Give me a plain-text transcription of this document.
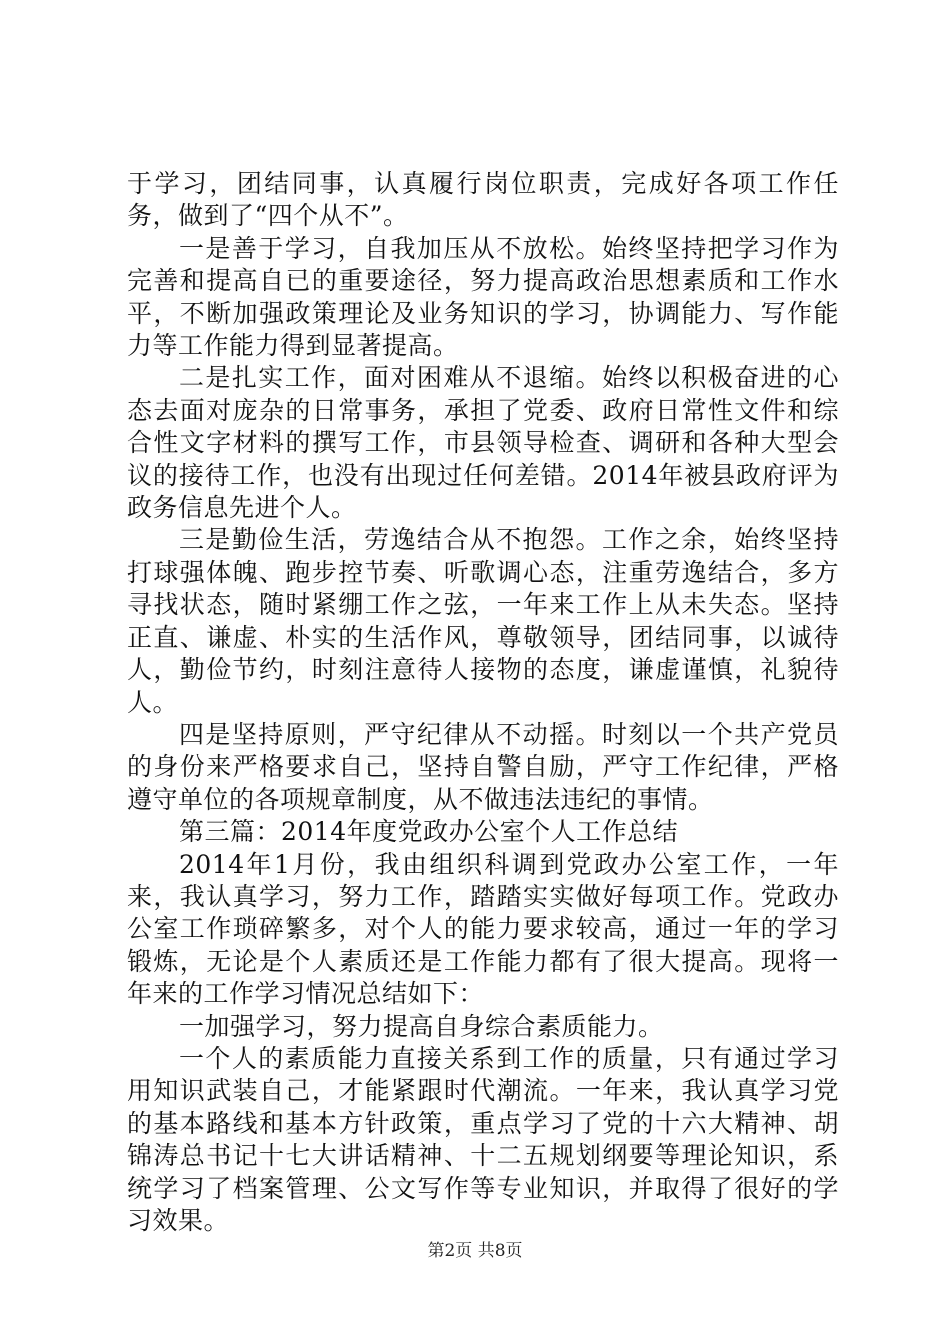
于学习，团结同事，认真履行岗位职责，完成好各项工作任务，做到了“四个从不”。

一是善于学习，自我加压从不放松。始终坚持把学习作为完善和提高自已的重要途径，努力提高政治思想素质和工作水平，不断加强政策理论及业务知识的学习，协调能力、写作能力等工作能力得到显著提高。

二是扎实工作，面对困难从不退缩。始终以积极奋进的心态去面对庞杂的日常事务，承担了党委、政府日常性文件和综合性文字材料的撰写工作，市县领导检查、调研和各种大型会议的接待工作，也没有出现过任何差错。2014年被县政府评为政务信息先进个人。

三是勤俭生活，劳逸结合从不抱怨。工作之余，始终坚持打球强体魄、跑步控节奏、听歌调心态，注重劳逸结合，多方寻找状态，随时紧绷工作之弦，一年来工作上从未失态。坚持正直、谦虚、朴实的生活作风，尊敬领导，团结同事，以诚待人，勤俭节约，时刻注意待人接物的态度，谦虚谨慎，礼貌待人。

四是坚持原则，严守纪律从不动摇。时刻以一个共产党员的身份来严格要求自己，坚持自警自励，严守工作纪律，严格遵守单位的各项规章制度，从不做违法违纪的事情。

第三篇：2014年度党政办公室个人工作总结

2014年1月份，我由组织科调到党政办公室工作，一年来，我认真学习，努力工作，踏踏实实做好每项工作。党政办公室工作琐碎繁多，对个人的能力要求较高，通过一年的学习锻炼，无论是个人素质还是工作能力都有了很大提高。现将一年来的工作学习情况总结如下：

一加强学习，努力提高自身综合素质能力。

一个人的素质能力直接关系到工作的质量，只有通过学习用知识武装自己，才能紧跟时代潮流。一年来，我认真学习党的基本路线和基本方针政策，重点学习了党的十六大精神、胡锦涛总书记十七大讲话精神、十二五规划纲要等理论知识，系统学习了档案管理、公文写作等专业知识，并取得了很好的学习效果。

第2页 共8页
